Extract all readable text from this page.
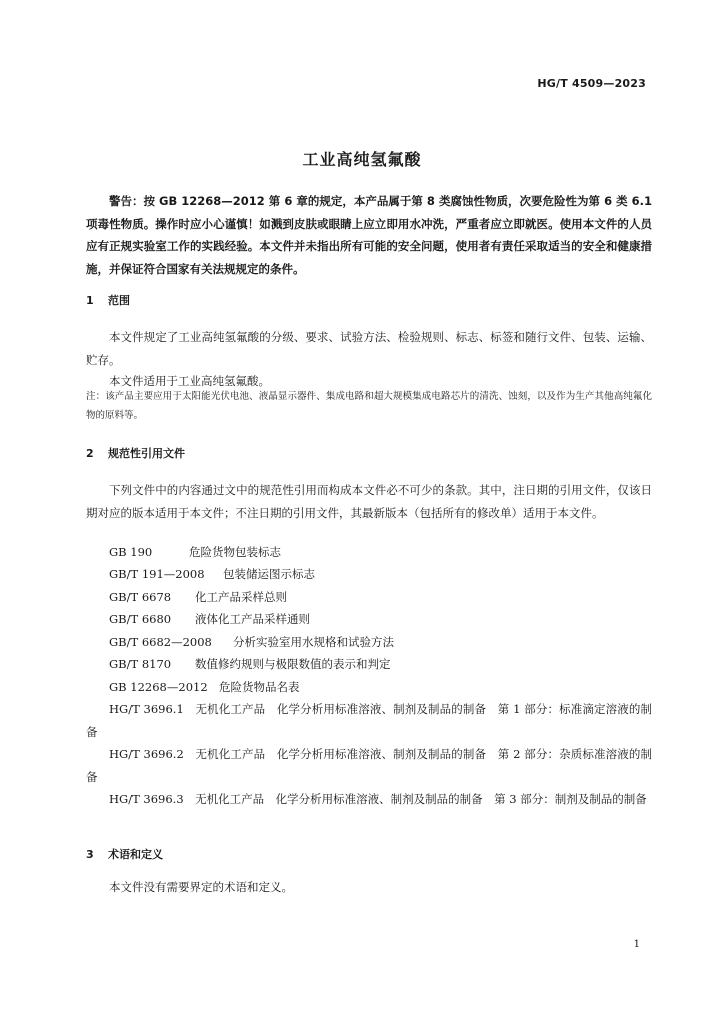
HG/T 4509—2023
工业高纯氢氟酸

警告：按 GB 12268—2012 第 6 章的规定，本产品属于第 8 类腐蚀性物质，次要危险性为第 6 类 6.1 项毒性物质。操作时应小心谨慎！如溅到皮肤或眼睛上应立即用水冲洗，严重者应立即就医。使用本文件的人员应有正规实验室工作的实践经验。本文件并未指出所有可能的安全问题，使用者有责任采取适当的安全和健康措施，并保证符合国家有关法规规定的条件。

1 范围

本文件规定了工业高纯氢氟酸的分级、要求、试验方法、检验规则、标志、标签和随行文件、包装、运输、贮存。

本文件适用于工业高纯氢氟酸。

注：该产品主要应用于太阳能光伏电池、液晶显示器件、集成电路和超大规模集成电路芯片的清洗、蚀刻，以及作为生产其他高纯氟化物的原料等。

2 规范性引用文件

下列文件中的内容通过文中的规范性引用而构成本文件必不可少的条款。其中，注日期的引用文件，仅该日期对应的版本适用于本文件；不注日期的引用文件，其最新版本（包括所有的修改单）适用于本文件。

GB 190	危险货物包装标志
GB/T 191—2008 包装储运图示标志
GB/T 6678 化工产品采样总则
GB/T 6680 液体化工产品采样通则
GB/T 6682—2008 分析实验室用水规格和试验方法
GB/T 8170 数值修约规则与极限数值的表示和判定
GB 12268—2012 危险货物品名表

HG/T 3696.1　无机化工产品　化学分析用标准溶液、制剂及制品的制备　第 1 部分：标准滴定溶液的制备

HG/T 3696.2　无机化工产品　化学分析用标准溶液、制剂及制品的制备　第 2 部分：杂质标准溶液的制备

HG/T 3696.3　无机化工产品　化学分析用标准溶液、制剂及制品的制备　第 3 部分：制剂及制品的制备

3 术语和定义

本文件没有需要界定的术语和定义。

1
